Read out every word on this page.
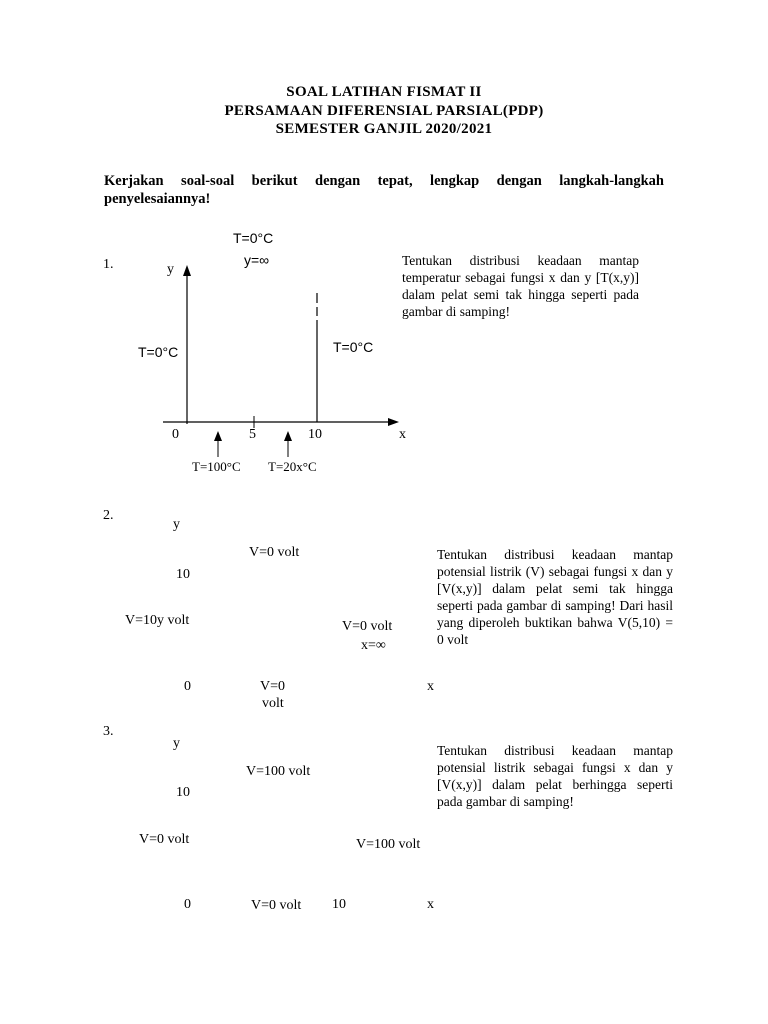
SOAL LATIHAN FISMAT II
PERSAMAAN DIFERENSIAL PARSIAL(PDP)
SEMESTER GANJIL 2020/2021
Kerjakan soal-soal berikut dengan tepat, lengkap dengan langkah-langkah
penyelesaiannya!
1.
T=0°C
y=∞
y
T=0°C	T=0°C
0	5	10	x
T=100°C T=20x°C
Tentukan distribusi keadaan mantap temperatur sebagai fungsi x dan y [T(x,y)] dalam pelat semi tak hingga seperti pada gambar di samping!
2.
y
V=0 volt
10
V=10y volt	V=0 volt
x=∞
0	V=0
volt
x
Tentukan distribusi keadaan mantap potensial listrik (V) sebagai fungsi x dan y [V(x,y)] dalam pelat semi tak hingga seperti pada gambar di samping! Dari hasil yang diperoleh buktikan bahwa V(5,10) = 0 volt
3.
y
V=100 volt
10
V=0 volt	V=100 volt
0	V=0 volt 10	x
Tentukan distribusi keadaan mantap potensial listrik sebagai fungsi x dan y [V(x,y)] dalam pelat berhingga seperti pada gambar di samping!
